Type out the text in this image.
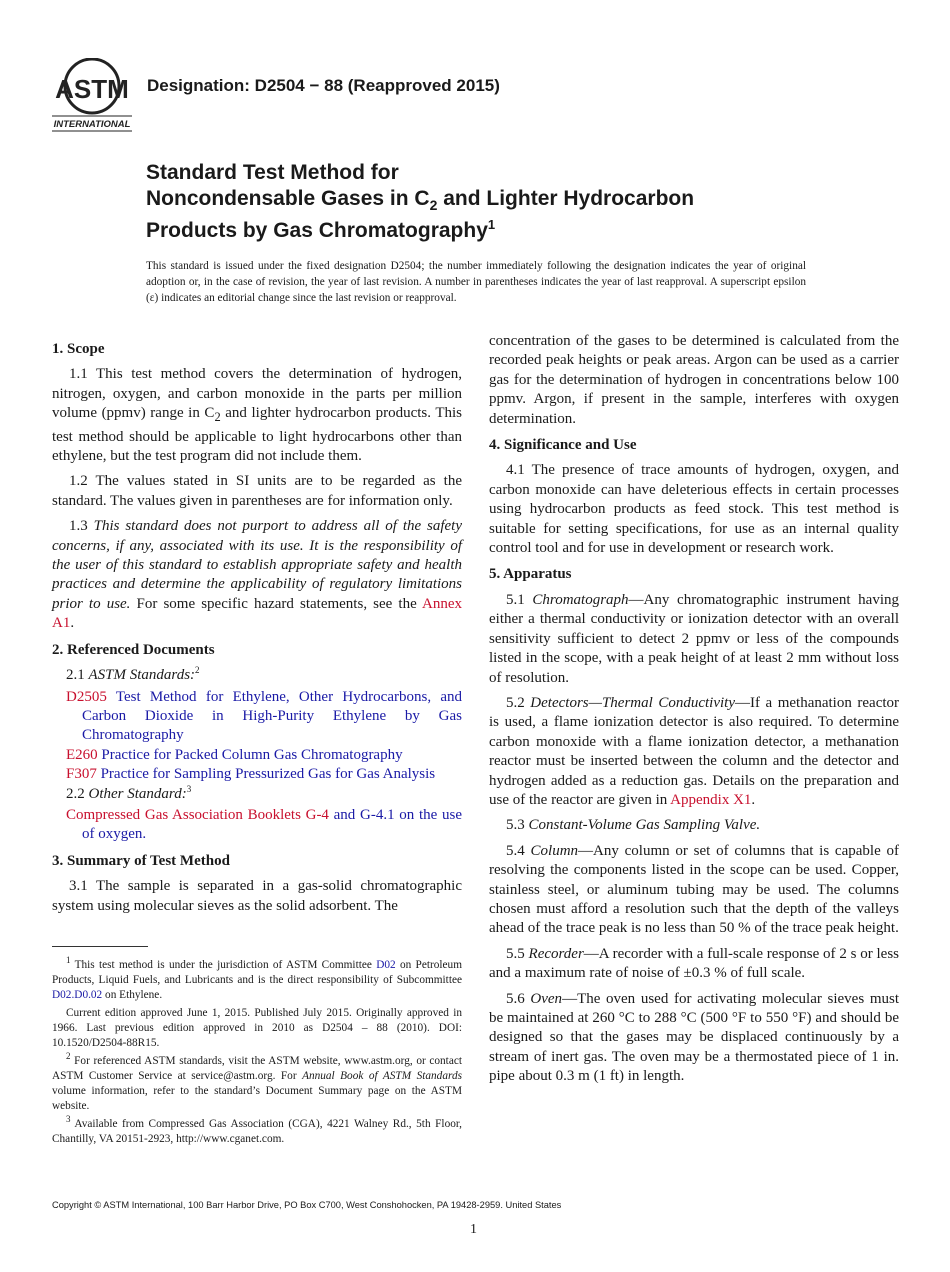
ASTM
INTERNATIONAL
Designation: D2504 − 88 (Reapproved 2015)
Standard Test Method for
Noncondensable Gases in $C_2$ and Lighter Hydrocarbon
Products by Gas Chromatography$^1$
This standard is issued under the fixed designation D2504; the number immediately following the designation indicates the year of original adoption or, in the case of revision, the year of last revision. A number in parentheses indicates the year of last reapproval. A superscript epsilon (ε) indicates an editorial change since the last revision or reapproval.
1. Scope
1.1 This test method covers the determination of hydrogen, nitrogen, oxygen, and carbon monoxide in the parts per million volume (ppmv) range in $C_2$ and lighter hydrocarbon products. This test method should be applicable to light hydrocarbons other than ethylene, but the test program did not include them.
1.2 The values stated in SI units are to be regarded as the standard. The values given in parentheses are for information only.
1.3 This standard does not purport to address all of the safety concerns, if any, associated with its use. It is the responsibility of the user of this standard to establish appropriate safety and health practices and determine the applicability of regulatory limitations prior to use. For some specific hazard statements, see the Annex A1.
2. Referenced Documents
2.1 ASTM Standards:$^2$
D2505 Test Method for Ethylene, Other Hydrocarbons, and Carbon Dioxide in High-Purity Ethylene by Gas Chromatography
E260 Practice for Packed Column Gas Chromatography
F307 Practice for Sampling Pressurized Gas for Gas Analysis
2.2 Other Standard:$^3$
Compressed Gas Association Booklets G-4 and G-4.1 on the use of oxygen.
3. Summary of Test Method
3.1 The sample is separated in a gas-solid chromatographic system using molecular sieves as the solid adsorbent. The
concentration of the gases to be determined is calculated from the recorded peak heights or peak areas. Argon can be used as a carrier gas for the determination of hydrogen in concentrations below 100 ppmv. Argon, if present in the sample, interferes with oxygen determination.
4. Significance and Use
4.1 The presence of trace amounts of hydrogen, oxygen, and carbon monoxide can have deleterious effects in certain processes using hydrocarbon products as feed stock. This test method is suitable for setting specifications, for use as an internal quality control tool and for use in development or research work.
5. Apparatus
5.1 Chromatograph—Any chromatographic instrument having either a thermal conductivity or ionization detector with an overall sensitivity sufficient to detect 2 ppmv or less of the compounds listed in the scope, with a peak height of at least 2 mm without loss of resolution.
5.2 Detectors—Thermal Conductivity—If a methanation reactor is used, a flame ionization detector is also required. To determine carbon monoxide with a flame ionization detector, a methanation reactor must be inserted between the column and the detector and hydrogen added as a reduction gas. Details on the preparation and use of the reactor are given in Appendix X1.
5.3 Constant-Volume Gas Sampling Valve.
5.4 Column—Any column or set of columns that is capable of resolving the components listed in the scope can be used. Copper, stainless steel, or aluminum tubing may be used. The columns chosen must afford a resolution such that the depth of the valleys ahead of the trace peak is no less than 50 % of the trace peak height.
5.5 Recorder—A recorder with a full-scale response of 2 s or less and a maximum rate of noise of ±0.3 % of full scale.
5.6 Oven—The oven used for activating molecular sieves must be maintained at 260 °C to 288 °C (500 °F to 550 °F) and should be designed so that the gases may be displaced continuously by a stream of inert gas. The oven may be a thermostated piece of 1 in. pipe about 0.3 m (1 ft) in length.
$^1$ This test method is under the jurisdiction of ASTM Committee D02 on Petroleum Products, Liquid Fuels, and Lubricants and is the direct responsibility of Subcommittee D02.D0.02 on Ethylene.
Current edition approved June 1, 2015. Published July 2015. Originally approved in 1966. Last previous edition approved in 2010 as D2504 – 88 (2010). DOI: 10.1520/D2504-88R15.
$^2$ For referenced ASTM standards, visit the ASTM website, www.astm.org, or contact ASTM Customer Service at service@astm.org. For Annual Book of ASTM Standards volume information, refer to the standard’s Document Summary page on the ASTM website.
$^3$ Available from Compressed Gas Association (CGA), 4221 Walney Rd., 5th Floor, Chantilly, VA 20151-2923, http://www.cganet.com.
Copyright © ASTM International, 100 Barr Harbor Drive, PO Box C700, West Conshohocken, PA 19428-2959. United States
1
